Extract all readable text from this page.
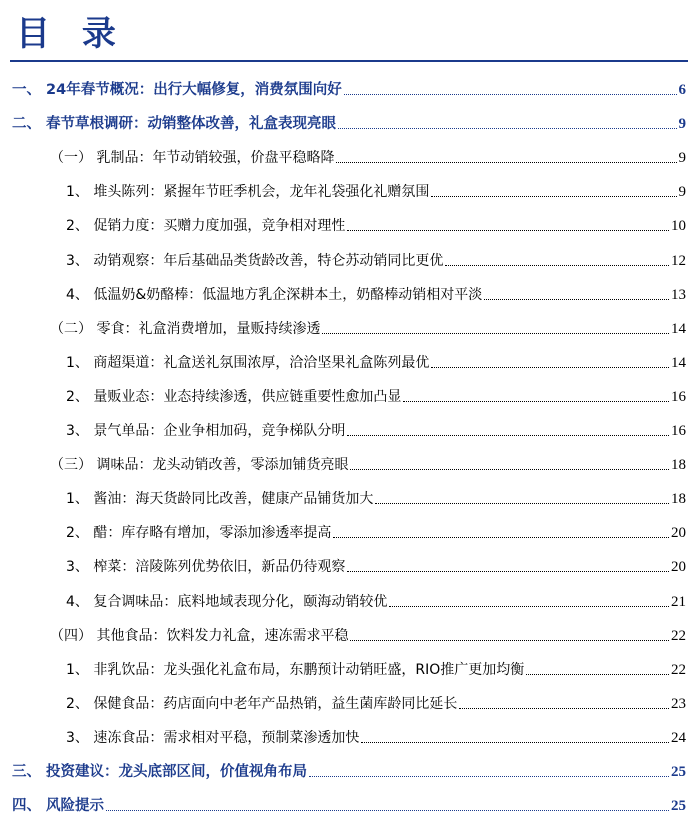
目 录
一、 24年春节概况：出行大幅修复，消费氛围向好	6
二、 春节草根调研：动销整体改善，礼盒表现亮眼	9
（一） 乳制品：年节动销较强，价盘平稳略降	9
1、 堆头陈列：紧握年节旺季机会，龙年礼袋强化礼赠氛围	9
2、 促销力度：买赠力度加强，竞争相对理性	10
3、 动销观察：年后基础品类货龄改善，特仑苏动销同比更优	12
4、 低温奶&奶酪棒：低温地方乳企深耕本土，奶酪棒动销相对平淡	13
（二） 零食：礼盒消费增加，量贩持续渗透	14
1、 商超渠道：礼盒送礼氛围浓厚，洽洽坚果礼盒陈列最优	14
2、 量贩业态：业态持续渗透，供应链重要性愈加凸显	16
3、 景气单品：企业争相加码，竞争梯队分明	16
（三） 调味品：龙头动销改善，零添加铺货亮眼	18
1、 酱油：海天货龄同比改善，健康产品铺货加大	18
2、 醋：库存略有增加，零添加渗透率提高	20
3、 榨菜：涪陵陈列优势依旧，新品仍待观察	20
4、 复合调味品：底料地域表现分化，颐海动销较优	21
（四） 其他食品：饮料发力礼盒，速冻需求平稳	22
1、 非乳饮品：龙头强化礼盒布局，东鹏预计动销旺盛，RIO推广更加均衡	22
2、 保健食品：药店面向中老年产品热销，益生菌库龄同比延长	23
3、 速冻食品：需求相对平稳，预制菜渗透加快	24
三、 投资建议：龙头底部区间，价值视角布局	25
四、 风险提示	25
